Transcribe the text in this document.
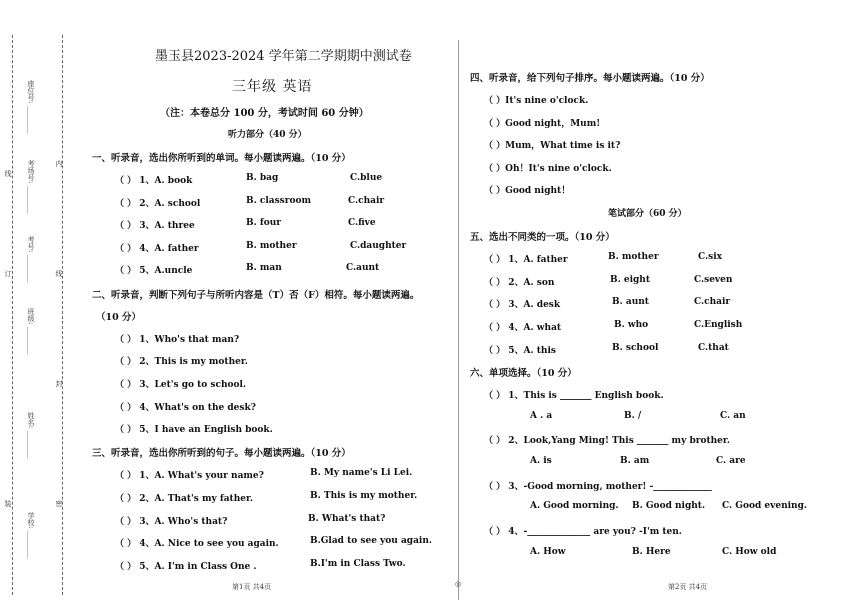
学校: ________
姓名: ________
班级: ________
考号: ________
考场号: ________
座位号: ________
装
订
线
密
封
线
内
墨玉县2023-2024 学年第二学期期中测试卷
三年级 英语
（注：本卷总分 100 分，考试时间 60 分钟）
听力部分（40 分）
一、听录音，选出你所听到的单词。每小题读两遍。（10 分）
（ ） 1、A. book	B. bag	C.blue
（ ） 2、A. school	B. classroom	C.chair
（ ） 3、A. three	B. four	C.five
（ ） 4、A. father	B. mother	C.daughter
（ ） 5、A.uncle	B. man	C.aunt
二、听录音，判断下列句子与所听内容是（T）否（F）相符。每小题读两遍。
（10 分）
（ ） 1、Who's that man?
（ ） 2、This is my mother.
（ ） 3、Let's go to school.
（ ） 4、What's on the desk?
（ ） 5、I have an English book.
三、听录音，选出你所听到的句子。每小题读两遍。（10 分）
（ ） 1、A. What's your name?	B. My name's Li Lei.
（ ） 2、A. That's my father.	B. This is my mother.
（ ） 3、A. Who's that?	B. What's that?
（ ） 4、A. Nice to see you again.	B.Glad to see you again.
（ ） 5、A. I'm in Class One .	B.I'm in Class Two.
四、听录音，给下列句子排序。每小题读两遍。（10 分）
（ ）It's nine o'clock.
（ ）Good night，Mum!
（ ）Mum，What time is it?
（ ）Oh！It's nine o'clock.
（ ）Good night！
笔试部分（60 分）
五、选出不同类的一项。（10 分）
（ ） 1、A. father	B. mother	C.six
（ ） 2、A. son	B. eight	C.seven
（ ） 3、A. desk	B. aunt	C.chair
（ ） 4、A. what	B. who	C.English
（ ） 5、A. this	B. school	C.that
六、单项选择。（10 分）
（ ） 1、This is _______ English book.
A . a	B. /	C. an
（ ） 2、Look,Yang Ming! This _______ my brother.
A. is	B. am	C. are
（ ） 3、-Good morning, mother! -_____________
A. Good morning. B. Good night. C. Good evening.
（ ） 4、-______________ are you? -I'm ten.
A. How	B. Here	C. How old
第1页 共4页	◎	第2页 共4页
